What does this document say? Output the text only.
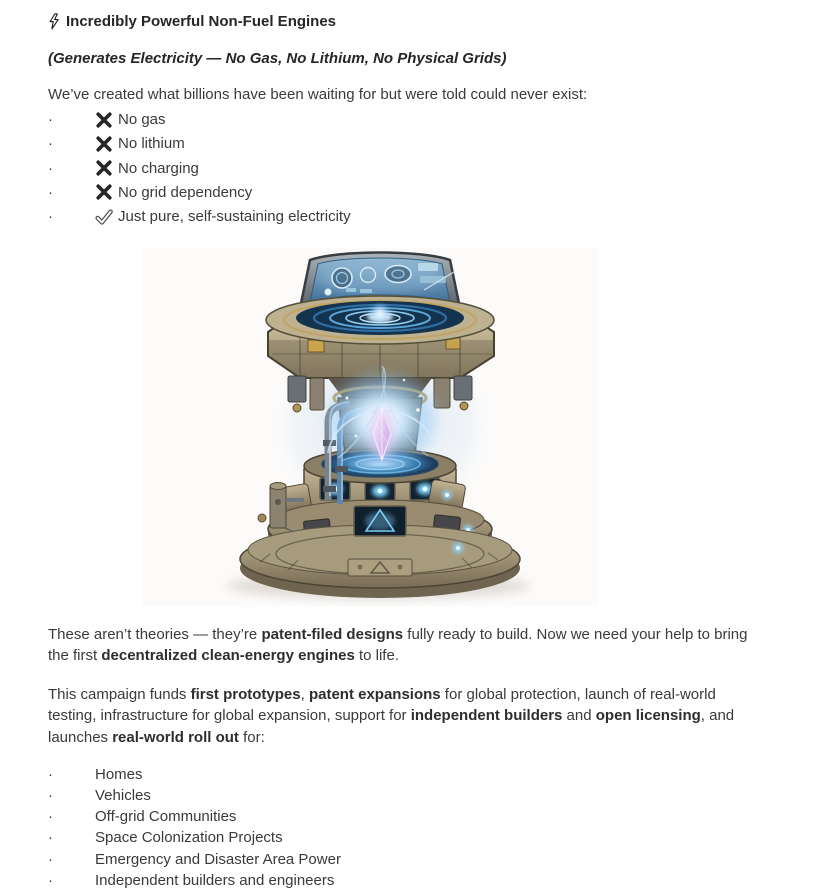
Incredibly Powerful Non-Fuel Engines

(Generates Electricity — No Gas, No Lithium, No Physical Grids)

We’ve created what billions have been waiting for but were told could never exist:

·	No gas
·	No lithium
·	No charging
·	No grid dependency
·	Just pure, self-sustaining electricity

These aren’t theories — they’re patent-filed designs fully ready to build. Now we need your help to bring the first decentralized clean-energy engines to life.

This campaign funds first prototypes, patent expansions for global protection, launch of real-world testing, infrastructure for global expansion, support for independent builders and open licensing, and launches real-world roll out for:

·	Homes
·	Vehicles
·	Off-grid Communities
·	Space Colonization Projects
·	Emergency and Disaster Area Power
·	Independent builders and engineers
